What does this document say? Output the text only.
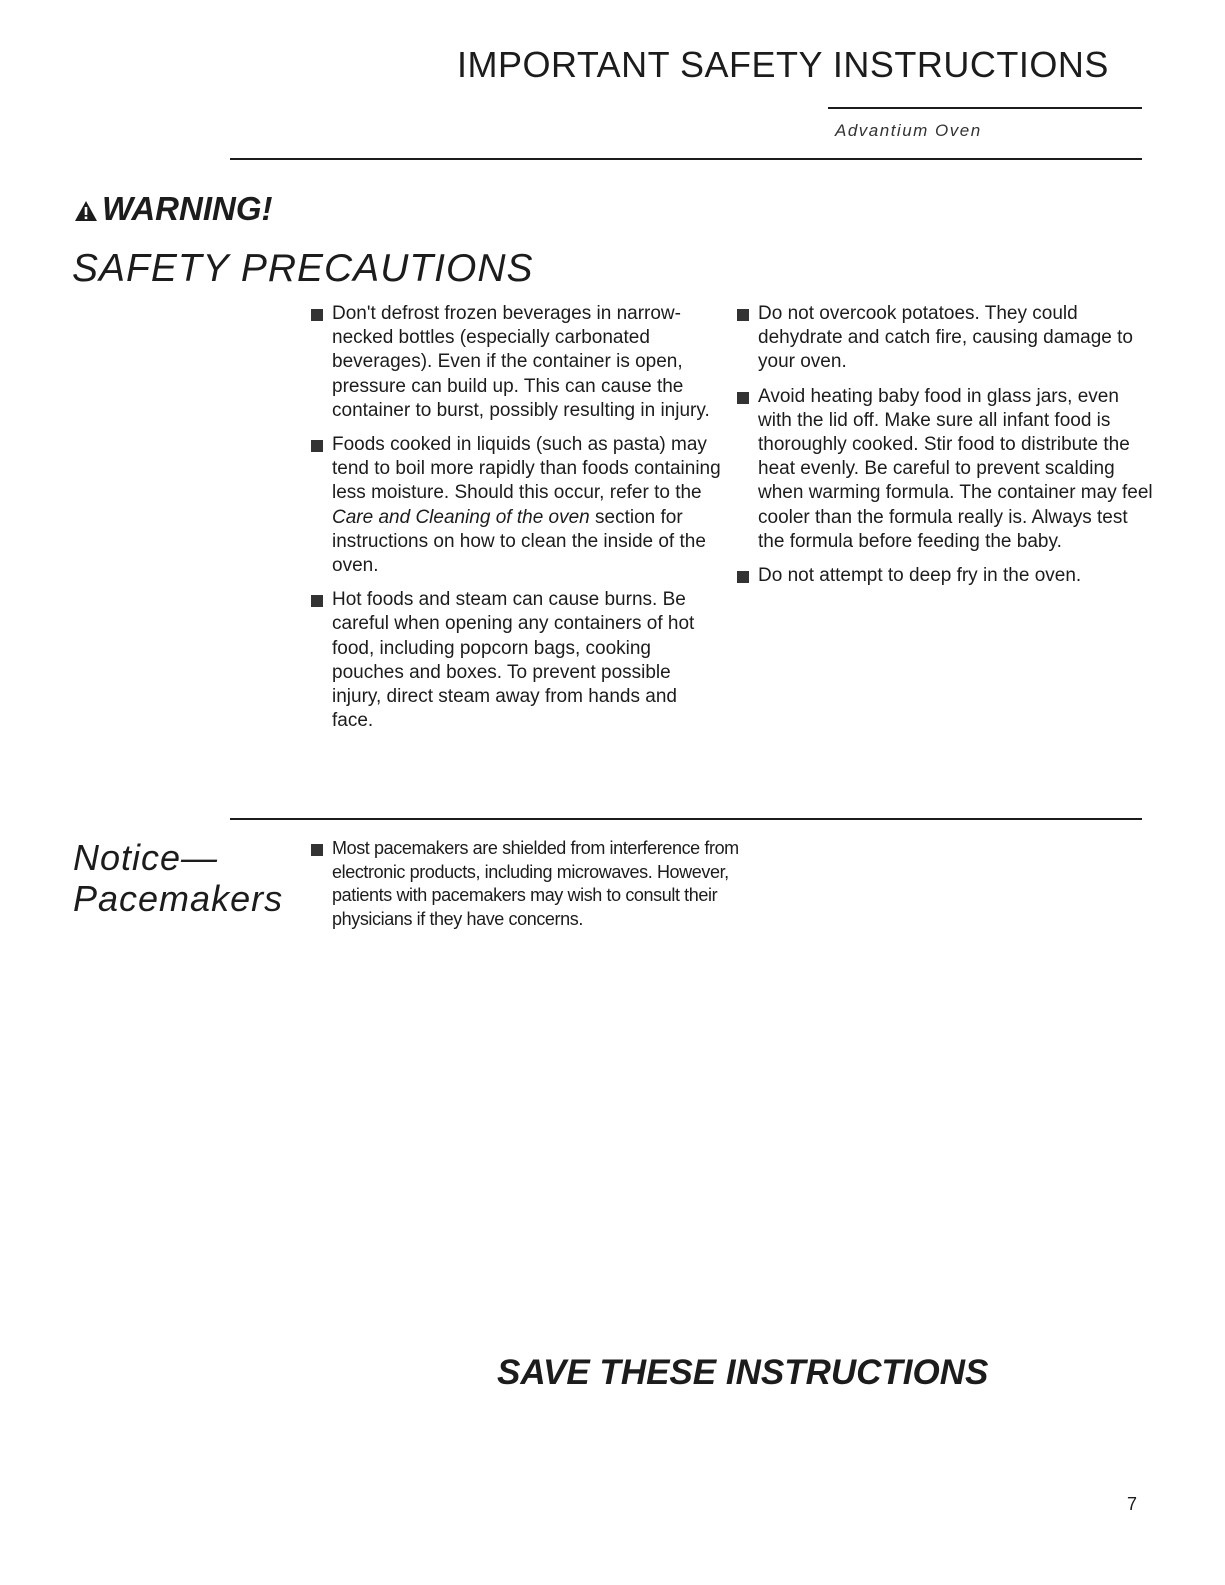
IMPORTANT SAFETY INSTRUCTIONS
Advantium Oven
WARNING!
SAFETY PRECAUTIONS
Don't defrost frozen beverages in narrow-necked bottles (especially carbonated beverages). Even if the container is open, pressure can build up. This can cause the container to burst, possibly resulting in injury.
Foods cooked in liquids (such as pasta) may tend to boil more rapidly than foods containing less moisture. Should this occur, refer to the Care and Cleaning of the oven section for instructions on how to clean the inside of the oven.
Hot foods and steam can cause burns. Be careful when opening any containers of hot food, including popcorn bags, cooking pouches and boxes. To prevent possible injury, direct steam away from hands and face.
Do not overcook potatoes. They could dehydrate and catch fire, causing damage to your oven.
Avoid heating baby food in glass jars, even with the lid off. Make sure all infant food is thoroughly cooked. Stir food to distribute the heat evenly. Be careful to prevent scalding when warming formula. The container may feel cooler than the formula really is. Always test the formula before feeding the baby.
Do not attempt to deep fry in the oven.
Notice—
Pacemakers
Most pacemakers are shielded from interference from electronic products, including microwaves. However, patients with pacemakers may wish to consult their physicians if they have concerns.
SAVE THESE INSTRUCTIONS
7
